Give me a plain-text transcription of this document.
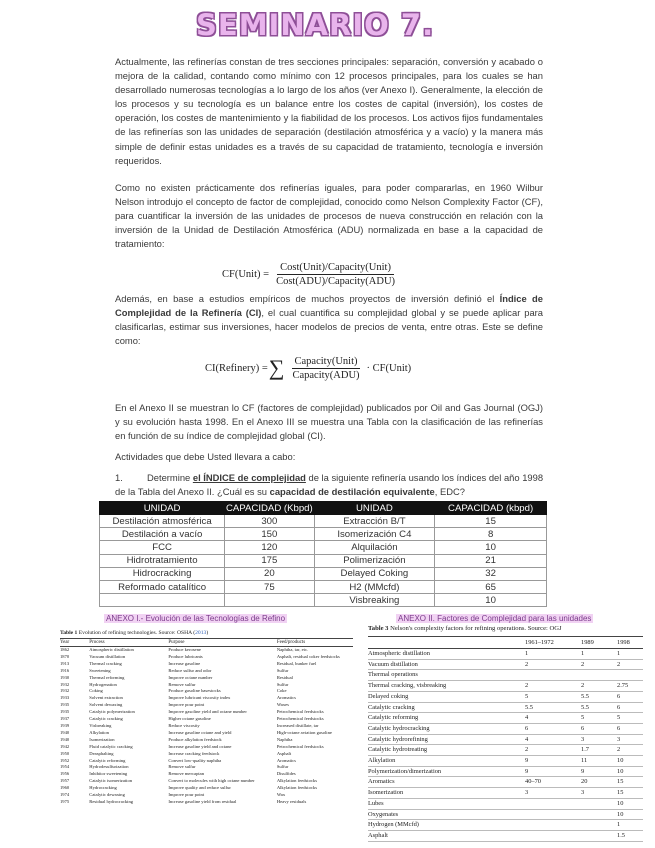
SEMINARIO 7.

Actualmente, las refinerías constan de tres secciones principales: separación, conversión y acabado o mejora de la calidad, contando como mínimo con 12 procesos principales, para los cuales se han desarrollado numerosas tecnologías a lo largo de los años (ver Anexo I). Generalmente, la elección de los procesos y su tecnología es un balance entre los costes de capital (inversión), los costes de operación, los costes de mantenimiento y la fiabilidad de los procesos. Los activos fijos fundamentales de las refinerías son las unidades de separación (destilación atmosférica y a vacío) y la manera más simple de definir estas unidades es a través de su capacidad de tratamiento, tecnología e inversión requeridos.

Como no existen prácticamente dos refinerías iguales, para poder compararlas, en 1960 Wilbur Nelson introdujo el concepto de factor de complejidad, conocido como Nelson Complexity Factor (CF), para cuantificar la inversión de las unidades de procesos de nueva construcción en relación con la inversión de la Unidad de Destilación Atmosférica (ADU) normalizada en base a la capacidad de tratamiento:

CF(Unit) = $\frac{\text{Cost(Unit)/Capacity(Unit)}}{\text{Cost(ADU)/Capacity(ADU)}}$

Además, en base a estudios empíricos de muchos proyectos de inversión definió el Índice de Complejidad de la Refinería (CI), el cual cuantifica su complejidad global y se puede aplicar para clasificarlas, estimar sus inversiones, hacer modelos de precios de venta, entre otras. Este se define como:

CI(Refinery) = ∑ $\frac{\text{Capacity(Unit)}}{\text{Capacity(ADU)}}$ · CF(Unit)

En el Anexo II se muestran lo CF (factores de complejidad) publicados por Oil and Gas Journal (OGJ) y su evolución hasta 1998. En el Anexo III se muestra una Tabla con la clasificación de las refinerías en función de su índice de complejidad global (CI).

Actividades que debe Usted llevara a cabo:
1.	Determine el ÍNDICE de complejidad de la siguiente refinería usando los índices del año 1998 de la Tabla del Anexo II. ¿Cuál es su capacidad de destilación equivalente, EDC?
UNIDAD	CAPACIDAD (Kbpd)	UNIDAD	CAPACIDAD (kbpd)
Destilación atmosférica	300	Extracción B/T	15
Destilación a vacío	150	Isomerización C4	8
FCC	120	Alquilación	10
Hidrotratamiento	175	Polimerización	21
Hidrocracking	20	Delayed Coking	32
Reformado catalítico	75	H2 (MMcfd)	65
		Visbreaking	10
ANEXO I.- Evolución de las Tecnologías de Refino	ANEXO II. Factores de Complejidad para las unidades
Table 1 Evolution of refining technologies. Source: OSHA (2013)
Year	Process	Purpose	Feed/products
1862	Atmospheric distillation	Produce kerosene	Naphtha, tar, etc.
1870	Vacuum distillation	Produce lubricants	Asphalt, residual coker feedstocks
1913	Thermal cracking	Increase gasoline	Residual, bunker fuel
1916	Sweetening	Reduce sulfur and odor	Sulfur
1930	Thermal reforming	Improve octane number	Residual
1932	Hydrogenation	Remove sulfur	Sulfur
1932	Coking	Produce gasoline basestocks	Coke
1933	Solvent extraction	Improve lubricant viscosity index	Aromatics
1935	Solvent dewaxing	Improve pour point	Waxes
1935	Catalytic polymerization	Improve gasoline yield and octane number	Petrochemical feedstocks
1937	Catalytic cracking	Higher octane gasoline	Petrochemical feedstocks
1939	Visbreaking	Reduce viscosity	Increased distillate, tar
1940	Alkylation	Increase gasoline octane and yield	High-octane aviation gasoline
1940	Isomerization	Produce alkylation feedstock	Naphtha
1942	Fluid catalytic cracking	Increase gasoline yield and octane	Petrochemical feedstocks
1950	Deasphalting	Increase cracking feedstock	Asphalt
1952	Catalytic reforming	Convert low-quality naphtha	Aromatics
1954	Hydrodesulfurization	Remove sulfur	Sulfur
1956	Inhibitor sweetening	Remove mercaptan	Disulfides
1957	Catalytic isomerization	Convert to molecules with high octane number	Alkylation feedstocks
1960	Hydrocracking	Improve quality and reduce sulfur	Alkylation feedstocks
1974	Catalytic dewaxing	Improve pour point	Wax
1975	Residual hydrocracking	Increase gasoline yield from residual	Heavy residuals
Table 3 Nelson's complexity factors for refining operations. Source: OGJ
	1961–1972	1989	1998
Atmospheric distillation	1	1	1
Vacuum distillation	2	2	2
Thermal operations			
Thermal cracking, visbreaking	2	2	2.75
Delayed coking	5	5.5	6
Catalytic cracking	5.5	5.5	6
Catalytic reforming	4	5	5
Catalytic hydrocracking	6	6	6
Catalytic hydrorefining	4	3	3
Catalytic hydrotreating	2	1.7	2
Alkylation	9	11	10
Polymerization/dimerization	9	9	10
Aromatics	40–70	20	15
Isomerization	3	3	15
Lubes			10
Oxygenates			10
Hydrogen (MMcfd)			1
Asphalt			1.5
